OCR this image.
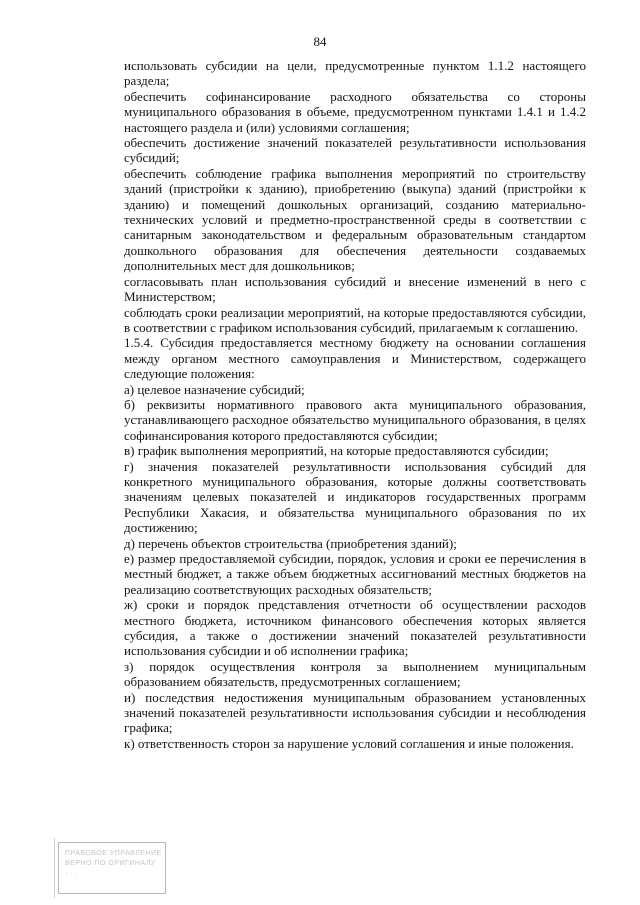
84

использовать субсидии на цели, предусмотренные пунктом 1.1.2 настоящего раздела;

обеспечить софинансирование расходного обязательства со стороны муниципального образования в объеме, предусмотренном пунктами 1.4.1 и 1.4.2 настоящего раздела и (или) условиями соглашения;

обеспечить достижение значений показателей результативности использования субсидий;

обеспечить соблюдение графика выполнения мероприятий по строительству зданий (пристройки к зданию), приобретению (выкупа) зданий (пристройки к зданию) и помещений дошкольных организаций, созданию материально-технических условий и предметно-пространственной среды в соответствии с санитарным законодательством и федеральным образовательным стандартом дошкольного образования для обеспечения деятельности создаваемых дополнительных мест для дошкольников;

согласовывать план использования субсидий и внесение изменений в него с Министерством;

соблюдать сроки реализации мероприятий, на которые предоставляются субсидии, в соответствии с графиком использования субсидий, прилагаемым к соглашению.

1.5.4. Субсидия предоставляется местному бюджету на основании соглашения между органом местного самоуправления и Министерством, содержащего следующие положения:

а) целевое назначение субсидий;

б) реквизиты нормативного правового акта муниципального образования, устанавливающего расходное обязательство муниципального образования, в целях софинансирования которого предоставляются субсидии;

в) график выполнения мероприятий, на которые предоставляются субсидии;

г) значения показателей результативности использования субсидий для конкретного муниципального образования, которые должны соответствовать значениям целевых показателей и индикаторов государственных программ Республики Хакасия, и обязательства муниципального образования по их достижению;

д) перечень объектов строительства (приобретения зданий);

е) размер предоставляемой субсидии, порядок, условия и сроки ее перечисления в местный бюджет, а также объем бюджетных ассигнований местных бюджетов на реализацию соответствующих расходных обязательств;

ж) сроки и порядок представления отчетности об осуществлении расходов местного бюджета, источником финансового обеспечения которых является субсидия, а также о достижении значений показателей результативности использования субсидии и об исполнении графика;

з) порядок осуществления контроля за выполнением муниципальным образованием обязательств, предусмотренных соглашением;

и) последствия недостижения муниципальным образованием установленных значений показателей результативности использования субсидии и несоблюдения графика;

к) ответственность сторон за нарушение условий соглашения и иные положения.

ПРАВОВОЕ УПРАВЛЕНИЕ
ВЕРНО ПО ОРИГИНАЛУ
· · ·
